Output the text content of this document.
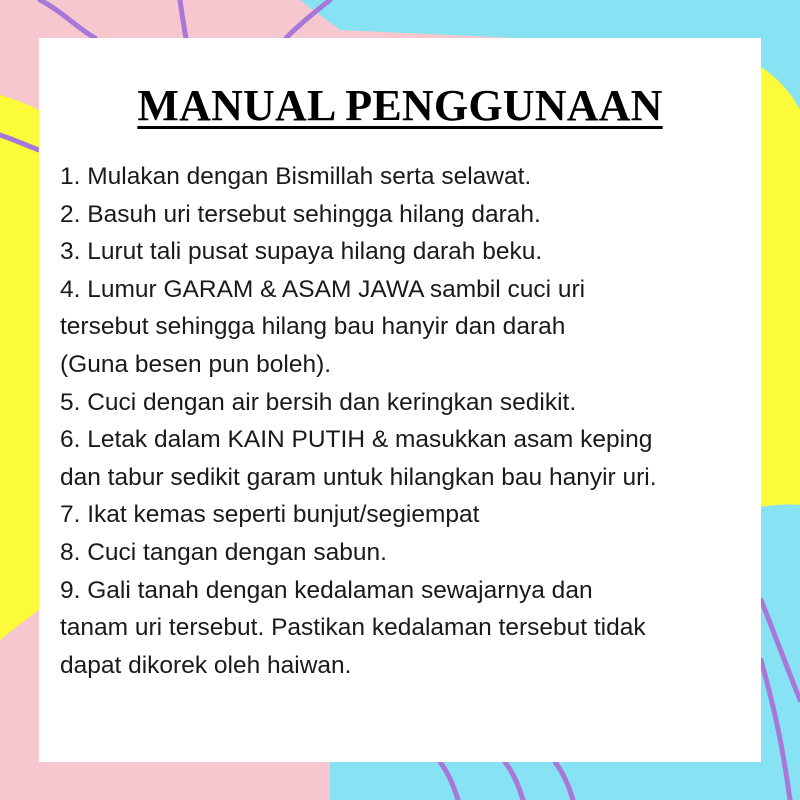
MANUAL PENGGUNAAN
1. Mulakan dengan Bismillah serta selawat.
2. Basuh uri tersebut sehingga hilang darah.
3. Lurut tali pusat supaya hilang darah beku.
4. Lumur GARAM & ASAM JAWA sambil cuci uri
tersebut sehingga hilang bau hanyir dan darah
(Guna besen pun boleh).
5. Cuci dengan air bersih dan keringkan sedikit.
6. Letak dalam KAIN PUTIH & masukkan asam keping
dan tabur sedikit garam untuk hilangkan bau hanyir uri.
7. Ikat kemas seperti bunjut/segiempat
8. Cuci tangan dengan sabun.
9. Gali tanah dengan kedalaman sewajarnya dan
tanam uri tersebut. Pastikan kedalaman tersebut tidak
dapat dikorek oleh haiwan.
